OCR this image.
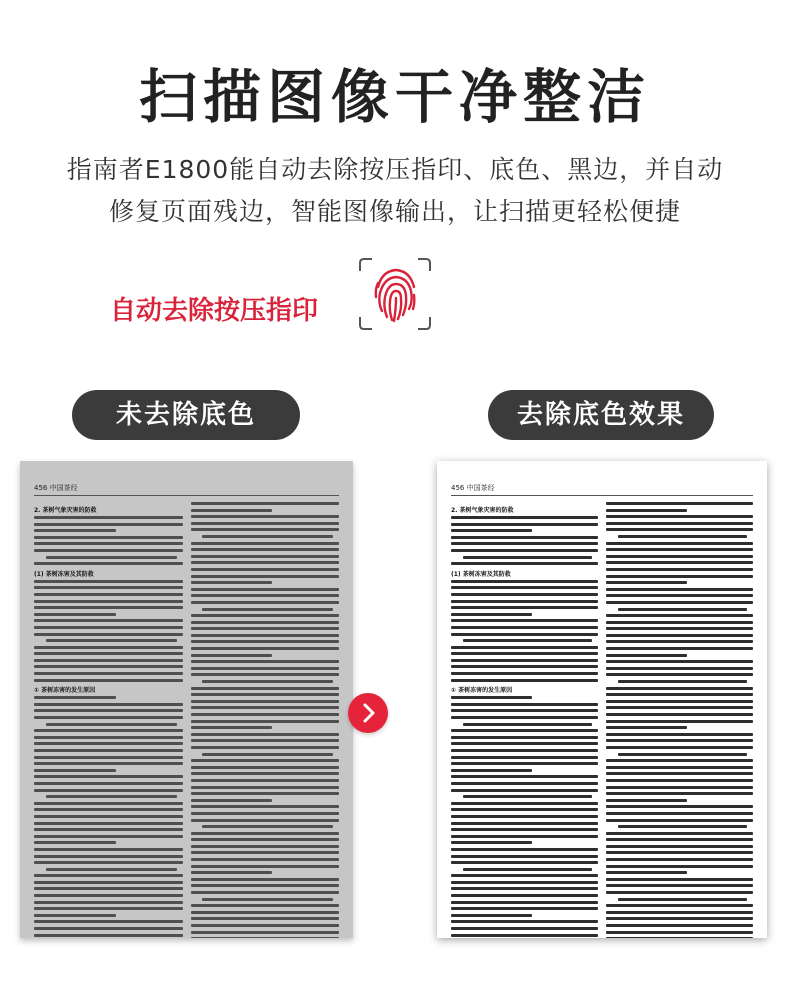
扫描图像干净整洁
指南者E1800能自动去除按压指印、底色、黑边，并自动
修复页面残边，智能图像输出，让扫描更轻松便捷
自动去除按压指印
未去除底色	去除底色效果
456 中国茶经
2. 茶树气象灾害的防救
(1) 茶树冻害及其防救
① 茶树冻害的发生原因
456 中国茶经
2. 茶树气象灾害的防救
(1) 茶树冻害及其防救
① 茶树冻害的发生原因
